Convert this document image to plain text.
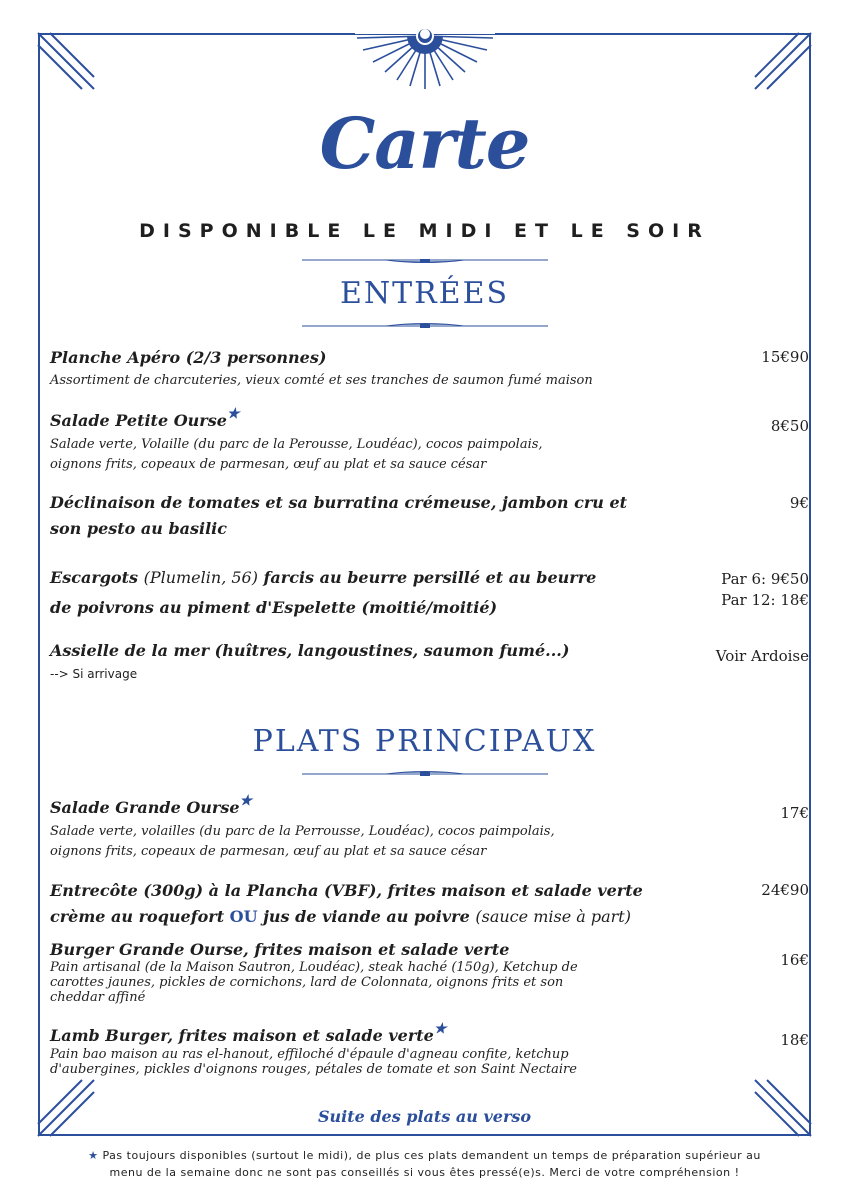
Carte
DISPONIBLE LE MIDI ET LE SOIR
ENTRÉES
Planche Apéro (2/3 personnes)
Assortiment de charcuteries, vieux comté et ses tranches de saumon fumé maison
15€90
Salade Petite Ourse★
Salade verte, Volaille (du parc de la Perousse, Loudéac), cocos paimpolais,
oignons frits, copeaux de parmesan, œuf au plat et sa sauce césar
8€50
Déclinaison de tomates et sa burratina crémeuse, jambon cru et
son pesto au basilic
9€
Escargots (Plumelin, 56) farcis au beurre persillé et au beurre
de poivrons au piment d'Espelette (moitié/moitié)
Par 6: 9€50
Par 12: 18€
Assielle de la mer (huîtres, langoustines, saumon fumé...)
--> Si arrivage
Voir Ardoise
PLATS PRINCIPAUX
Salade Grande Ourse★
Salade verte, volailles (du parc de la Perrousse, Loudéac), cocos paimpolais,
oignons frits, copeaux de parmesan, œuf au plat et sa sauce césar
17€
Entrecôte (300g) à la Plancha (VBF), frites maison et salade verte
crème au roquefort OU jus de viande au poivre (sauce mise à part)
24€90
Burger Grande Ourse, frites maison et salade verte
Pain artisanal (de la Maison Sautron, Loudéac), steak haché (150g), Ketchup de
carottes jaunes, pickles de cornichons, lard de Colonnata, oignons frits et son
cheddar affiné
16€
Lamb Burger, frites maison et salade verte★
Pain bao maison au ras el-hanout, effiloché d'épaule d'agneau confite, ketchup
d'aubergines, pickles d'oignons rouges, pétales de tomate et son Saint Nectaire
18€
Suite des plats au verso
★ Pas toujours disponibles (surtout le midi), de plus ces plats demandent un temps de préparation supérieur au
menu de la semaine donc ne sont pas conseillés si vous êtes pressé(e)s. Merci de votre compréhension !
